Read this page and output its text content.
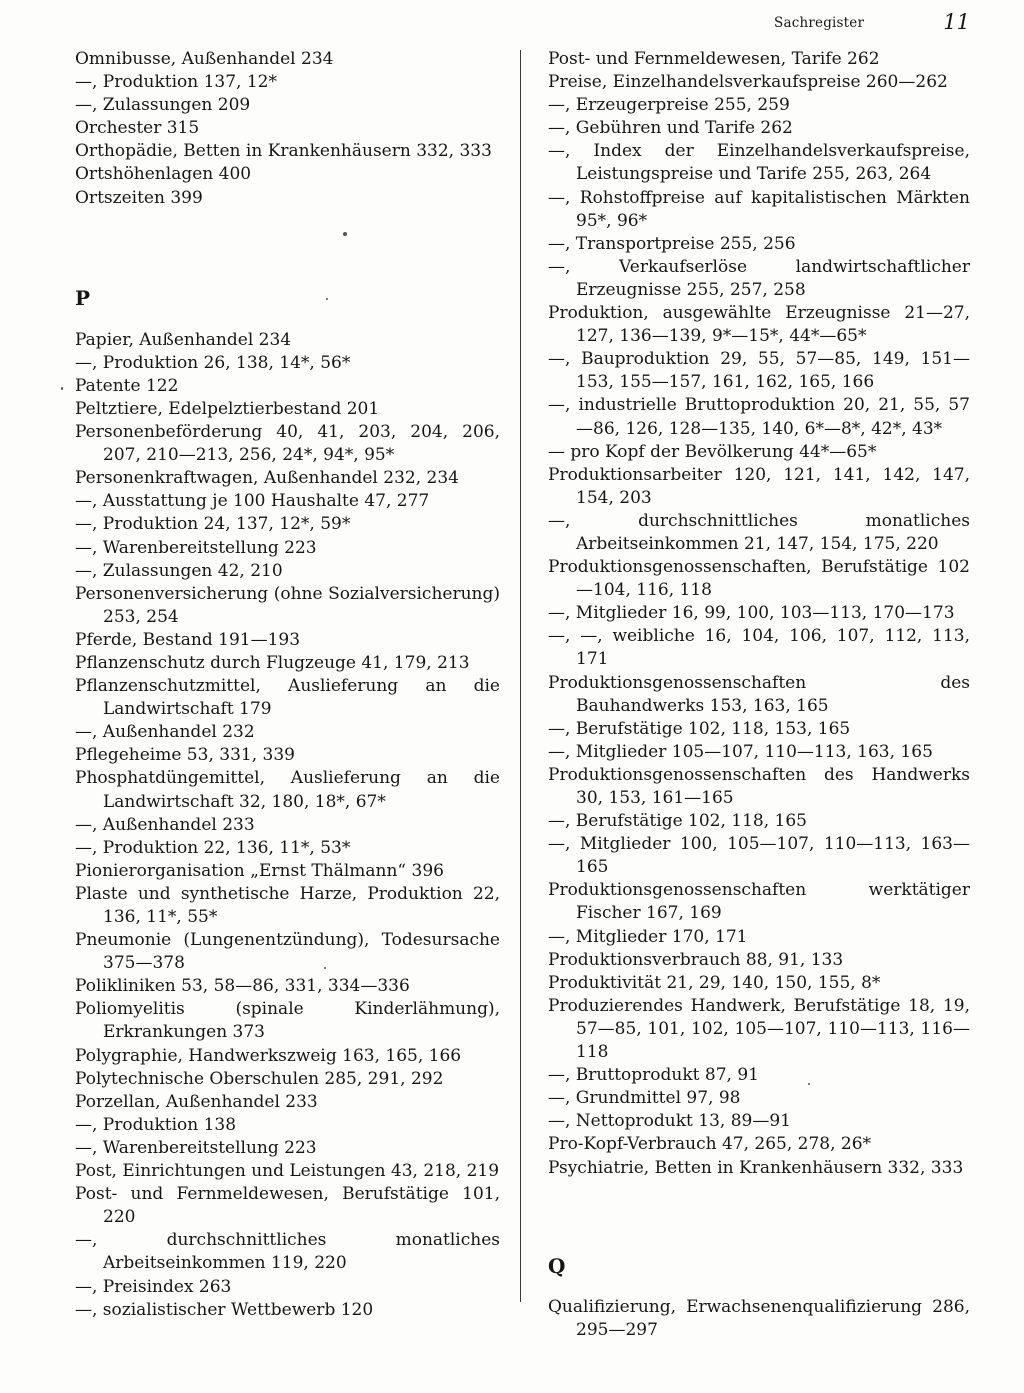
Sachregister	11
Omnibusse, Außenhandel 234
—, Produktion 137, 12*
—, Zulassungen 209
Orchester 315
Orthopädie, Betten in Krankenhäusern 332, 333
Ortshöhenlagen 400
Ortszeiten 399
P
Papier, Außenhandel 234
—, Produktion 26, 138, 14*, 56*
Patente 122
Peltztiere, Edelpelztierbestand 201
Personenbeförderung 40, 41, 203, 204, 206, 207, 210—213, 256, 24*, 94*, 95*
Personenkraftwagen, Außenhandel 232, 234
—, Ausstattung je 100 Haushalte 47, 277
—, Produktion 24, 137, 12*, 59*
—, Warenbereitstellung 223
—, Zulassungen 42, 210
Personenversicherung (ohne Sozialversicherung) 253, 254
Pferde, Bestand 191—193
Pflanzenschutz durch Flugzeuge 41, 179, 213
Pflanzenschutzmittel, Auslieferung an die Landwirtschaft 179
—, Außenhandel 232
Pflegeheime 53, 331, 339
Phosphatdüngemittel, Auslieferung an die Landwirtschaft 32, 180, 18*, 67*
—, Außenhandel 233
—, Produktion 22, 136, 11*, 53*
Pionierorganisation „Ernst Thälmann“ 396
Plaste und synthetische Harze, Produktion 22, 136, 11*, 55*
Pneumonie (Lungenentzündung), Todesursache 375—378
Polikliniken 53, 58—86, 331, 334—336
Poliomyelitis (spinale Kinderlähmung), Erkrankungen 373
Polygraphie, Handwerkszweig 163, 165, 166
Polytechnische Oberschulen 285, 291, 292
Porzellan, Außenhandel 233
—, Produktion 138
—, Warenbereitstellung 223
Post, Einrichtungen und Leistungen 43, 218, 219
Post- und Fernmeldewesen, Berufstätige 101, 220
—, durchschnittliches monatliches Arbeitseinkommen 119, 220
—, Preisindex 263
—, sozialistischer Wettbewerb 120
Post- und Fernmeldewesen, Tarife 262
Preise, Einzelhandelsverkaufspreise 260—262
—, Erzeugerpreise 255, 259
—, Gebühren und Tarife 262
—, Index der Einzelhandelsverkaufspreise, Leistungspreise und Tarife 255, 263, 264
—, Rohstoffpreise auf kapitalistischen Märkten 95*, 96*
—, Transportpreise 255, 256
—, Verkaufserlöse landwirtschaftlicher Erzeugnisse 255, 257, 258
Produktion, ausgewählte Erzeugnisse 21—27, 127, 136—139, 9*—15*, 44*—65*
—, Bauproduktion 29, 55, 57—85, 149, 151—153, 155—157, 161, 162, 165, 166
—, industrielle Bruttoproduktion 20, 21, 55, 57—86, 126, 128—135, 140, 6*—8*, 42*, 43*
— pro Kopf der Bevölkerung 44*—65*
Produktionsarbeiter 120, 121, 141, 142, 147, 154, 203
—, durchschnittliches monatliches Arbeitseinkommen 21, 147, 154, 175, 220
Produktionsgenossenschaften, Berufstätige 102—104, 116, 118
—, Mitglieder 16, 99, 100, 103—113, 170—173
—, —, weibliche 16, 104, 106, 107, 112, 113, 171
Produktionsgenossenschaften des Bauhandwerks 153, 163, 165
—, Berufstätige 102, 118, 153, 165
—, Mitglieder 105—107, 110—113, 163, 165
Produktionsgenossenschaften des Handwerks 30, 153, 161—165
—, Berufstätige 102, 118, 165
—, Mitglieder 100, 105—107, 110—113, 163—165
Produktionsgenossenschaften werktätiger Fischer 167, 169
—, Mitglieder 170, 171
Produktionsverbrauch 88, 91, 133
Produktivität 21, 29, 140, 150, 155, 8*
Produzierendes Handwerk, Berufstätige 18, 19, 57—85, 101, 102, 105—107, 110—113, 116—118
—, Bruttoprodukt 87, 91
—, Grundmittel 97, 98
—, Nettoprodukt 13, 89—91
Pro-Kopf-Verbrauch 47, 265, 278, 26*
Psychiatrie, Betten in Krankenhäusern 332, 333
Q
Qualifizierung, Erwachsenenqualifizierung 286, 295—297
